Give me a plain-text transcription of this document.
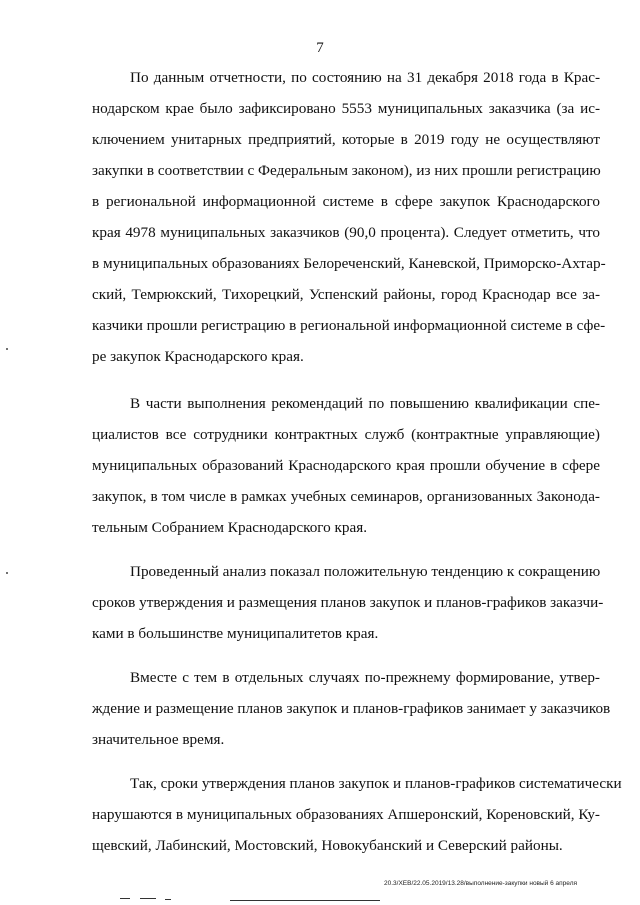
7
По данным отчетности, по состоянию на 31 декабря 2018 года в Крас-
нодарском крае было зафиксировано 5553 муниципальных заказчика (за ис-
ключением унитарных предприятий, которые в 2019 году не осуществляют
закупки в соответствии с Федеральным законом), из них прошли регистрацию
в региональной информационной системе в сфере закупок Краснодарского
края 4978 муниципальных заказчиков (90,0 процента). Следует отметить, что
в муниципальных образованиях Белореченский, Каневской, Приморско-Ахтар-
ский, Темрюкский, Тихорецкий, Успенский районы, город Краснодар все за-
казчики прошли регистрацию в региональной информационной системе в сфе-
ре закупок Краснодарского края.
В части выполнения рекомендаций по повышению квалификации спе-
циалистов все сотрудники контрактных служб (контрактные управляющие)
муниципальных образований Краснодарского края прошли обучение в сфере
закупок, в том числе в рамках учебных семинаров, организованных Законода-
тельным Собранием Краснодарского края.
Проведенный анализ показал положительную тенденцию к сокращению
сроков утверждения и размещения планов закупок и планов-графиков заказчи-
ками в большинстве муниципалитетов края.
Вместе с тем в отдельных случаях по-прежнему формирование, утвер-
ждение и размещение планов закупок и планов-графиков занимает у заказчиков
значительное время.
Так, сроки утверждения планов закупок и планов-графиков систематически
нарушаются в муниципальных образованиях Апшеронский, Кореновский, Ку-
щевский, Лабинский, Мостовский, Новокубанский и Северский районы.
20.3/ХЕВ/22.05.2019/13.28/выполнение-закупки новый 6 апреля
